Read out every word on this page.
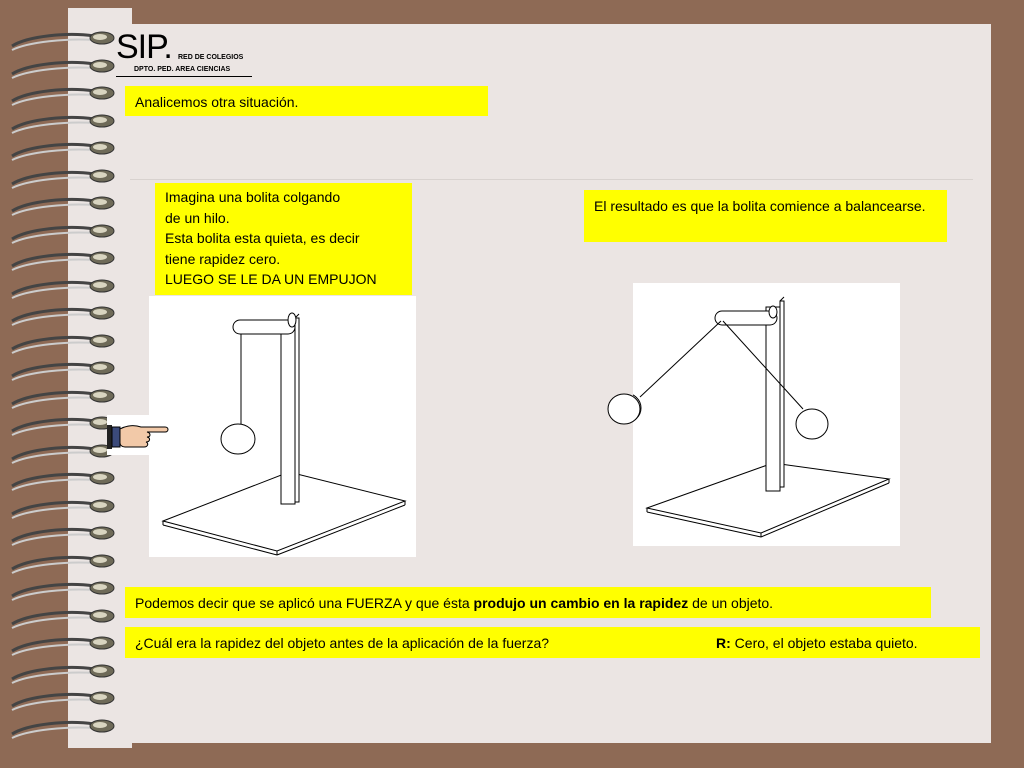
SIP. RED DE COLEGIOS
DPTO. PED. AREA CIENCIAS
Analicemos otra situación.
Imagina una bolita colgando
de un hilo.
Esta bolita esta quieta, es decir
tiene rapidez cero.
LUEGO SE LE DA UN EMPUJON
El resultado es que la bolita comience a balancearse.
Podemos decir que se aplicó una FUERZA y que ésta produjo un cambio en la rapidez de un objeto.
¿Cuál era la rapidez del objeto antes de la aplicación de la fuerza?	R: Cero, el objeto estaba quieto.
